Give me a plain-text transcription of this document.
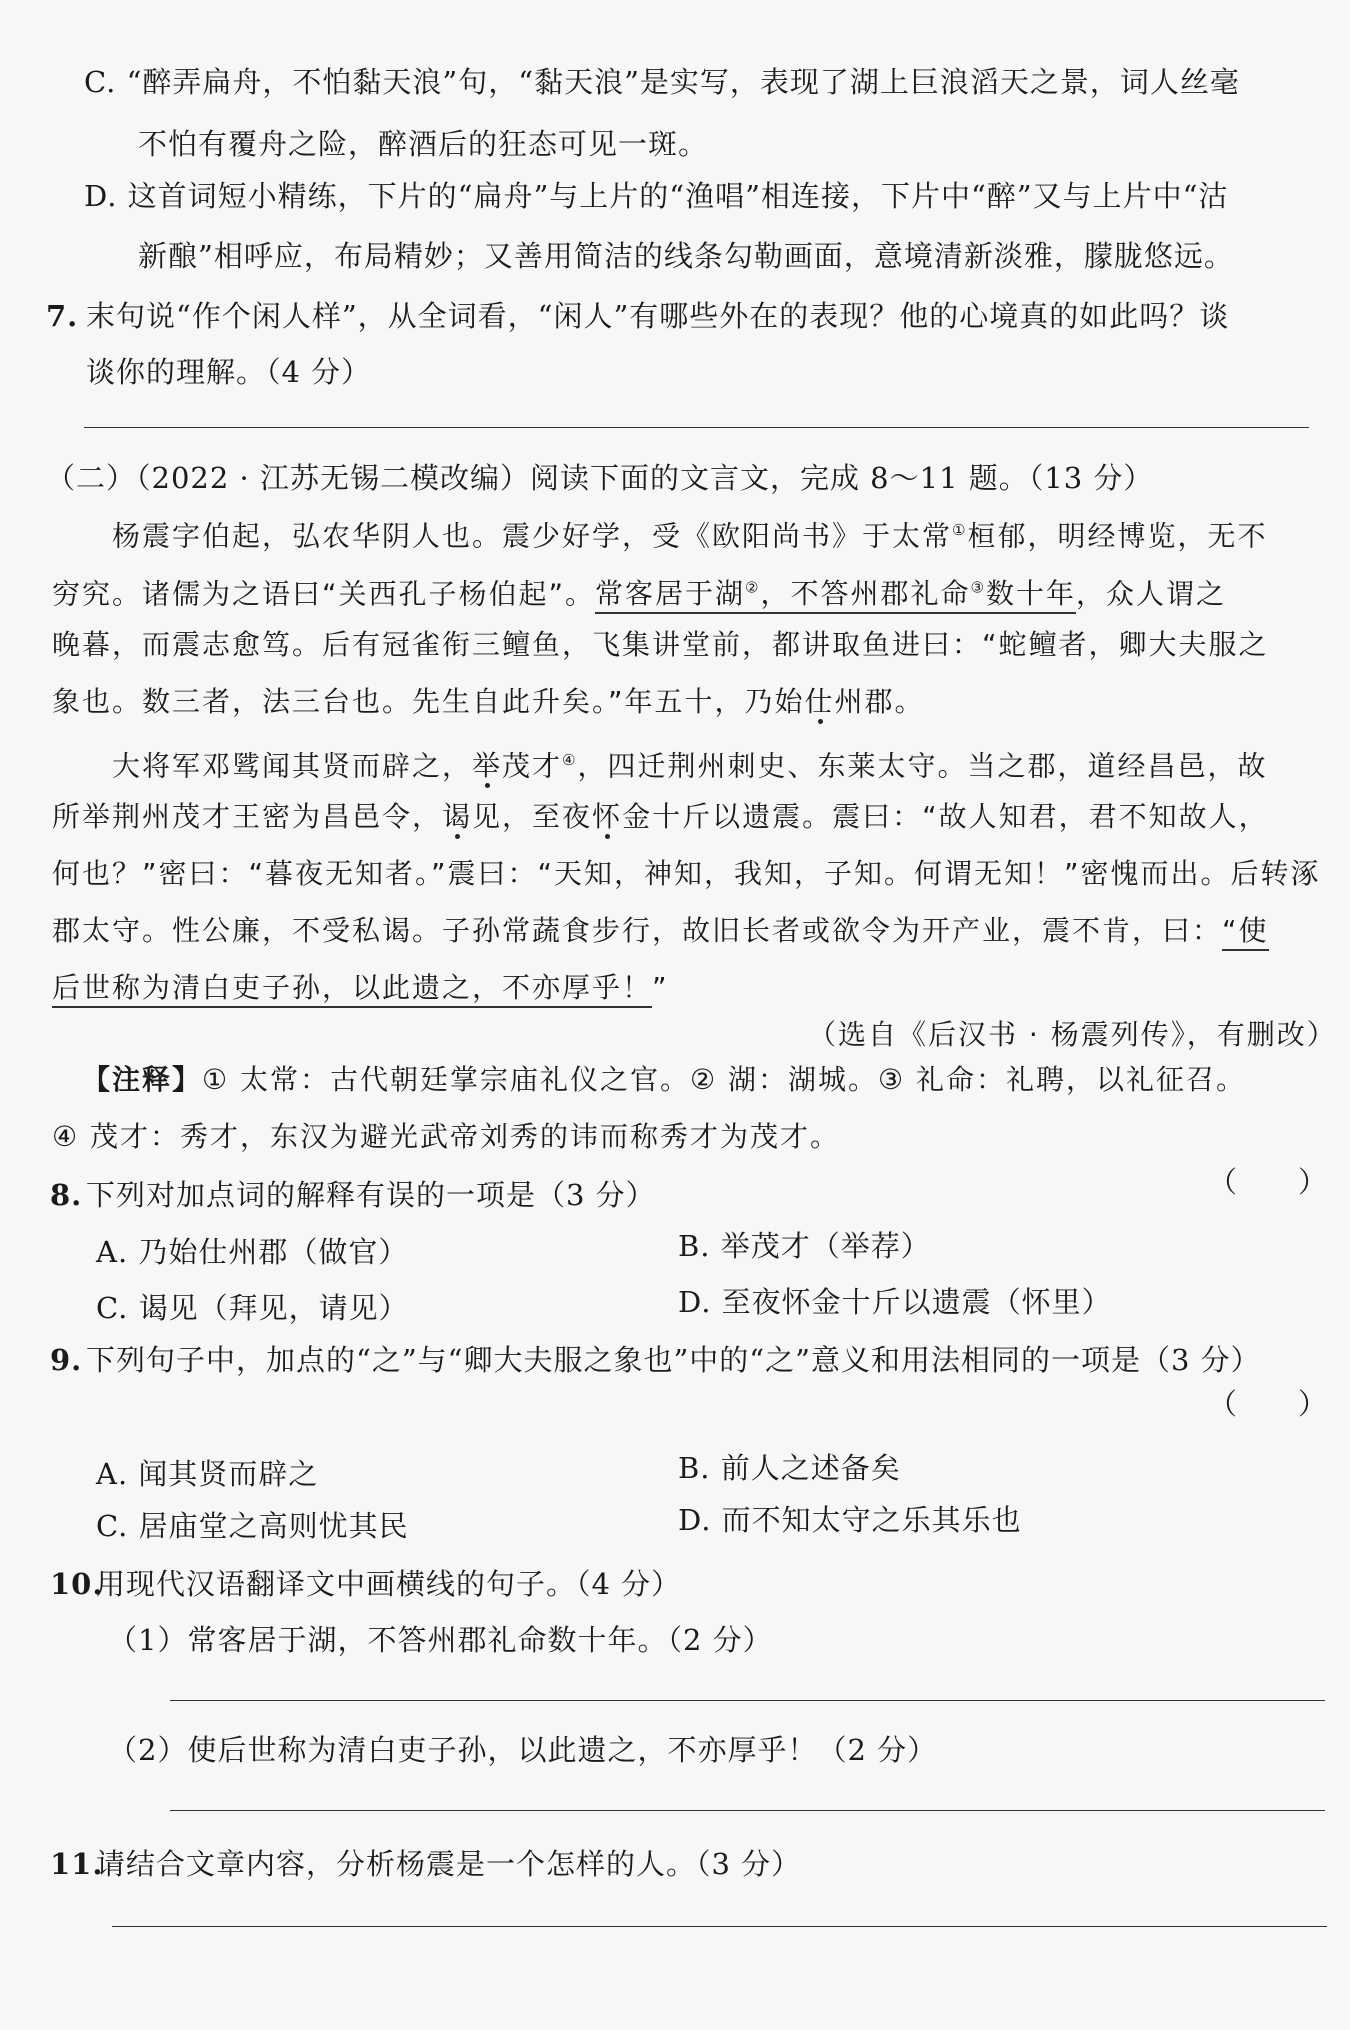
C. “醉弄扁舟，不怕黏天浪”句，“黏天浪”是实写，表现了湖上巨浪滔天之景，词人丝毫
不怕有覆舟之险，醉酒后的狂态可见一斑。
D. 这首词短小精练，下片的“扁舟”与上片的“渔唱”相连接，下片中“醉”又与上片中“沽
新酿”相呼应，布局精妙；又善用简洁的线条勾勒画面，意境清新淡雅，朦胧悠远。
7. 末句说“作个闲人样”，从全词看，“闲人”有哪些外在的表现？他的心境真的如此吗？谈
谈你的理解。（4 分）
（二）（2022 · 江苏无锡二模改编）阅读下面的文言文，完成 8～11 题。（13 分）
杨震字伯起，弘农华阴人也。震少好学，受《欧阳尚书》于太常①桓郁，明经博览，无不
穷究。诸儒为之语曰“关西孔子杨伯起”。常客居于湖②，不答州郡礼命③数十年，众人谓之
晚暮，而震志愈笃。后有冠雀衔三鳣鱼，飞集讲堂前，都讲取鱼进曰：“蛇鳣者，卿大夫服之
象也。数三者，法三台也。先生自此升矣。”年五十，乃始仕州郡。
大将军邓骘闻其贤而辟之，举茂才④，四迁荆州刺史、东莱太守。当之郡，道经昌邑，故
所举荆州茂才王密为昌邑令，谒见，至夜怀金十斤以遗震。震曰：“故人知君，君不知故人，
何也？”密曰：“暮夜无知者。”震曰：“天知，神知，我知，子知。何谓无知！”密愧而出。后转涿
郡太守。性公廉，不受私谒。子孙常蔬食步行，故旧长者或欲令为开产业，震不肯，曰：“使
后世称为清白吏子孙，以此遗之，不亦厚乎！”
（选自《后汉书 · 杨震列传》，有删改）
【注释】① 太常：古代朝廷掌宗庙礼仪之官。② 湖：湖城。③ 礼命：礼聘，以礼征召。
④ 茂才：秀才，东汉为避光武帝刘秀的讳而称秀才为茂才。
8. 下列对加点词的解释有误的一项是（3 分）	（　　）
A. 乃始仕州郡（做官）	B. 举茂才（举荐）
C. 谒见（拜见，请见）	D. 至夜怀金十斤以遗震（怀里）
9. 下列句子中，加点的“之”与“卿大夫服之象也”中的“之”意义和用法相同的一项是（3 分）
（　　）
A. 闻其贤而辟之	B. 前人之述备矣
C. 居庙堂之高则忧其民	D. 而不知太守之乐其乐也
10.
用现代汉语翻译文中画横线的句子。（4 分）
（1）常客居于湖，不答州郡礼命数十年。（2 分）
（2）使后世称为清白吏子孙，以此遗之，不亦厚乎！（2 分）
11.
请结合文章内容，分析杨震是一个怎样的人。（3 分）
